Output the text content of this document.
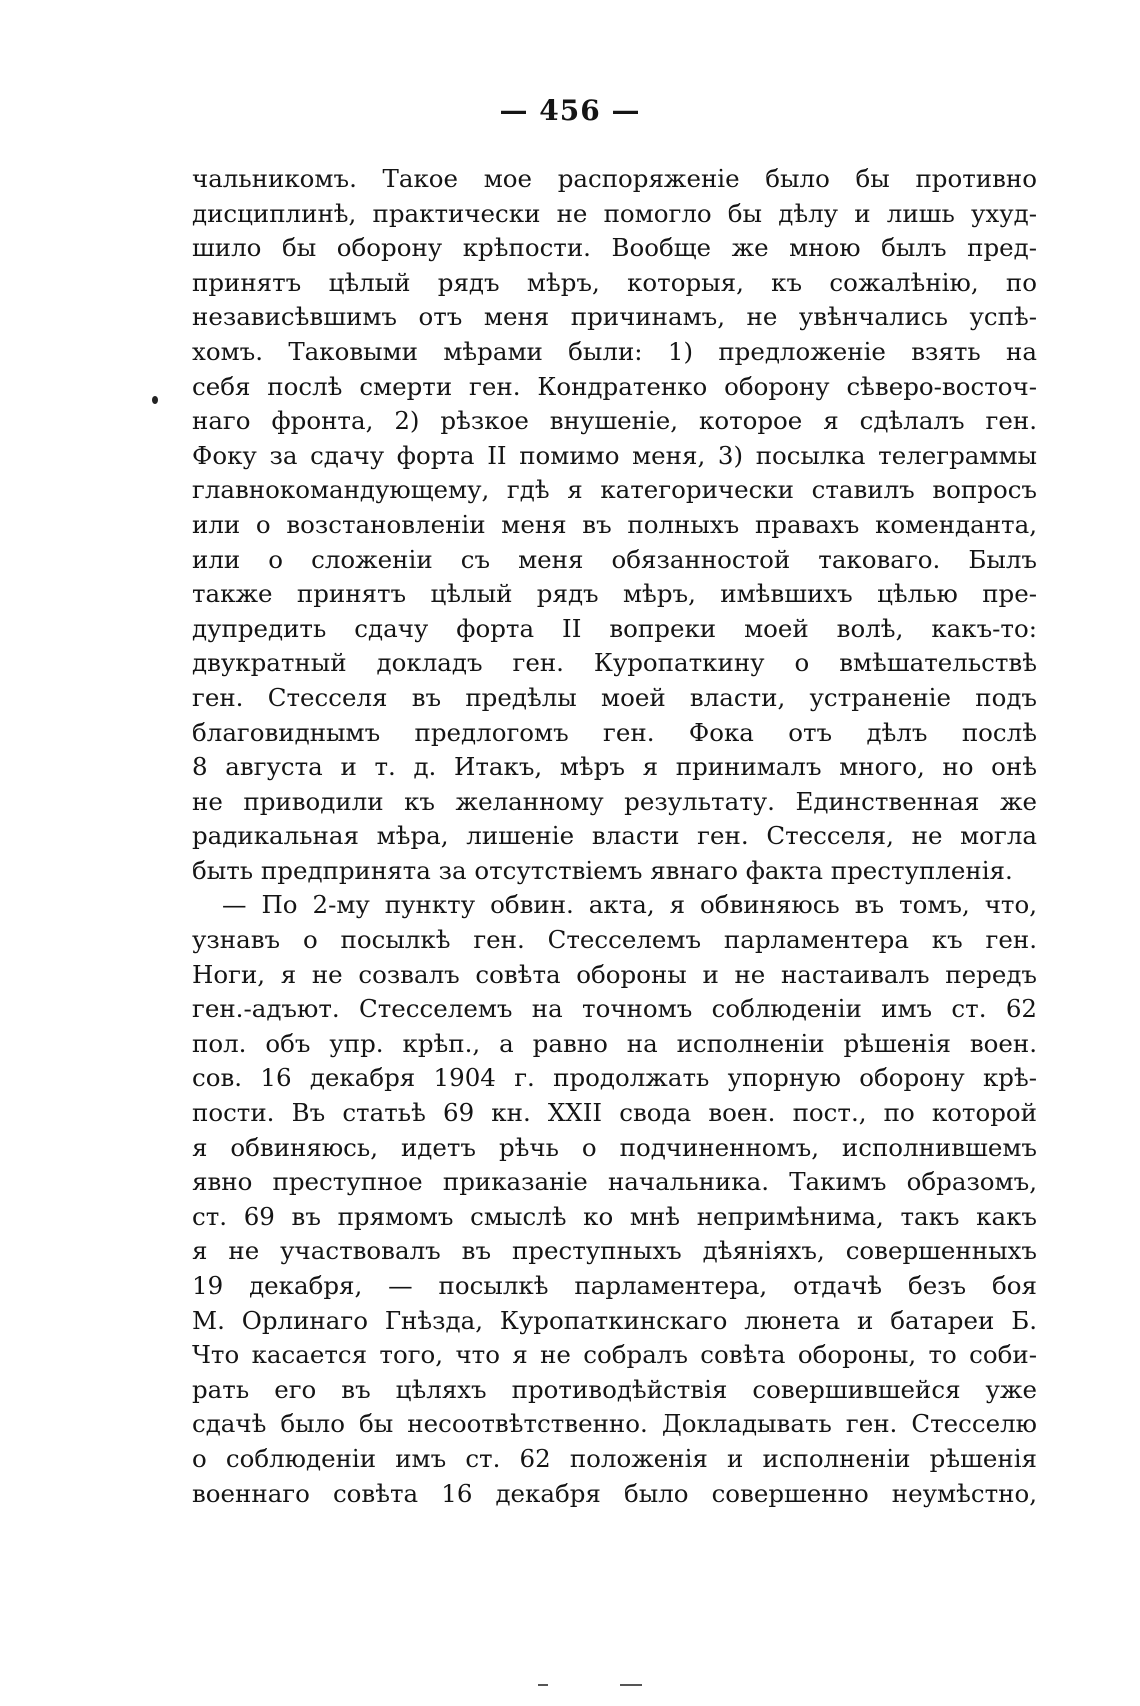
— 456 —
чальникомъ. Такое мое распоряженіе было бы противно
дисциплинѣ, практически не помогло бы дѣлу и лишь ухуд-
шило бы оборону крѣпости. Вообще же мною былъ пред-
принятъ цѣлый рядъ мѣръ, которыя, къ сожалѣнію, по
независѣвшимъ отъ меня причинамъ, не увѣнчались успѣ-
хомъ. Таковыми мѣрами были: 1) предложеніе взять на
себя послѣ смерти ген. Кондратенко оборону сѣверо-восточ-
наго фронта, 2) рѣзкое внушеніе, которое я сдѣлалъ ген.
Фоку за сдачу форта II помимо меня, 3) посылка телеграммы
главнокомандующему, гдѣ я категорически ставилъ вопросъ
или о возстановленіи меня въ полныхъ правахъ коменданта,
или о сложеніи съ меня обязанностой таковаго. Былъ
также принятъ цѣлый рядъ мѣръ, имѣвшихъ цѣлью пре-
дупредить сдачу форта II вопреки моей волѣ, какъ-то:
двукратный докладъ ген. Куропаткину о вмѣшательствѣ
ген. Стесселя въ предѣлы моей власти, устраненіе подъ
благовиднымъ предлогомъ ген. Фока отъ дѣлъ послѣ
8 августа и т. д. Итакъ, мѣръ я принималъ много, но онѣ
не приводили къ желанному результату. Единственная же
радикальная мѣра, лишеніе власти ген. Стесселя, не могла
быть предпринята за отсутствіемъ явнаго факта преступленія.
— По 2-му пункту обвин. акта, я обвиняюсь въ томъ, что,
узнавъ о посылкѣ ген. Стесселемъ парламентера къ ген.
Ноги, я не созвалъ совѣта обороны и не настаивалъ передъ
ген.-адъют. Стесселемъ на точномъ соблюденіи имъ ст. 62
пол. объ упр. крѣп., а равно на исполненіи рѣшенія воен.
сов. 16 декабря 1904 г. продолжать упорную оборону крѣ-
пости. Въ статьѣ 69 кн. XXII свода воен. пост., по которой
я обвиняюсь, идетъ рѣчь о подчиненномъ, исполнившемъ
явно преступное приказаніе начальника. Такимъ образомъ,
ст. 69 въ прямомъ смыслѣ ко мнѣ непримѣнима, такъ какъ
я не участвовалъ въ преступныхъ дѣяніяхъ, совершенныхъ
19 декабря, — посылкѣ парламентера, отдачѣ безъ боя
М. Орлинаго Гнѣзда, Куропаткинскаго люнета и батареи Б.
Что касается того, что я не собралъ совѣта обороны, то соби-
рать его въ цѣляхъ противодѣйствія совершившейся уже
сдачѣ было бы несоотвѣтственно. Докладывать ген. Стесселю
о соблюденіи имъ ст. 62 положенія и исполненіи рѣшенія
военнаго совѣта 16 декабря было совершенно неумѣстно,
